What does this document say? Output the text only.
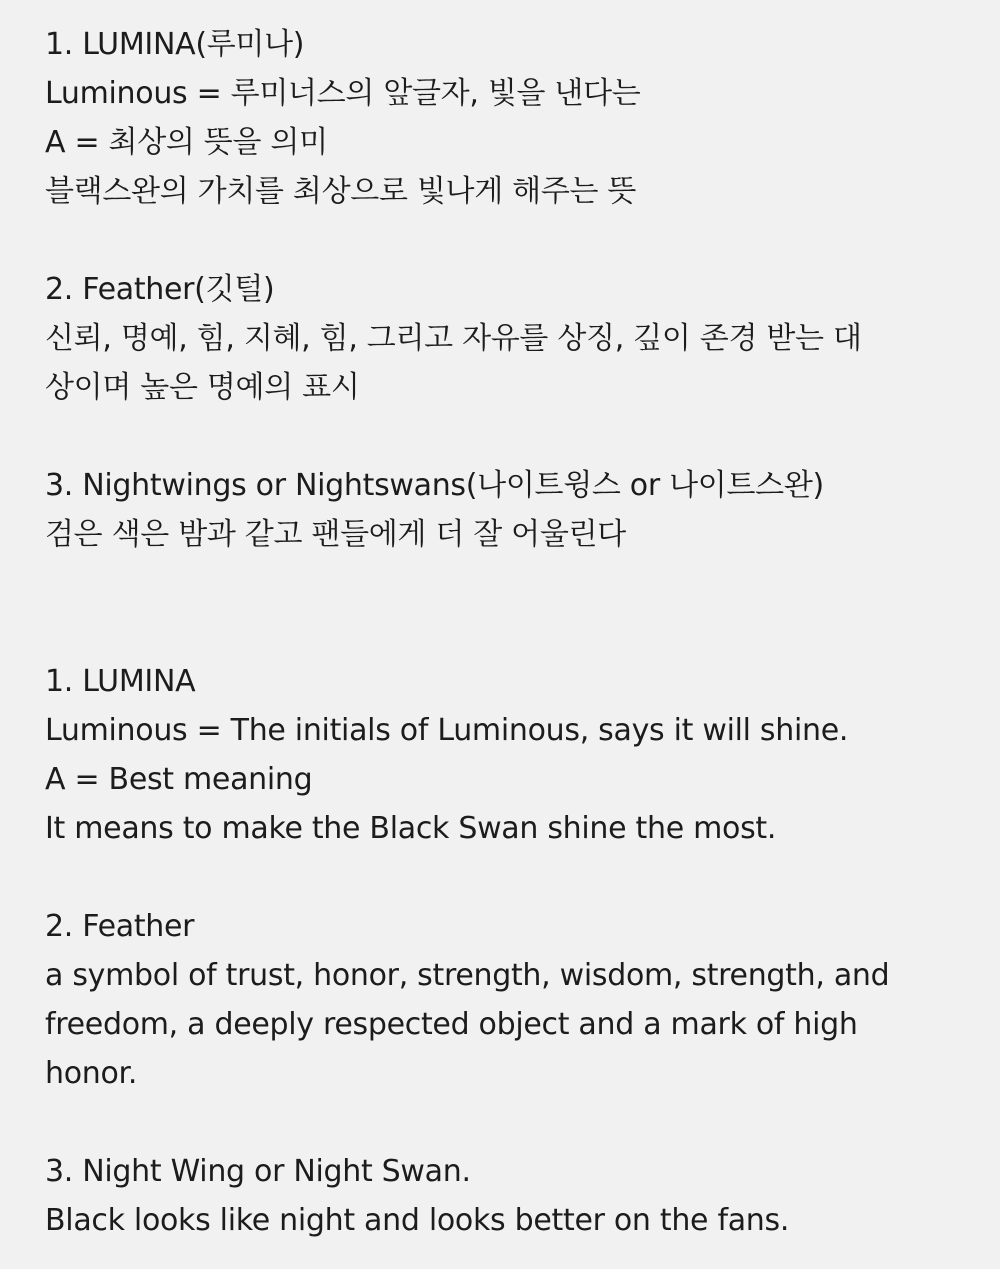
1. LUMINA(루미나)
Luminous = 루미너스의 앞글자, 빛을 낸다는
A = 최상의 뜻을 의미
블랙스완의 가치를 최상으로 빛나게 해주는 뜻
2. Feather(깃털)
신뢰, 명예, 힘, 지혜, 힘, 그리고 자유를 상징, 깊이 존경 받는 대
상이며 높은 명예의 표시
3. Nightwings or Nightswans(나이트윙스 or 나이트스완)
검은 색은 밤과 같고 팬들에게 더 잘 어울린다
1. LUMINA
Luminous = The initials of Luminous, says it will shine.
A = Best meaning
It means to make the Black Swan shine the most.
2. Feather
a symbol of trust, honor, strength, wisdom, strength, and
freedom, a deeply respected object and a mark of high
honor.
3. Night Wing or Night Swan.
Black looks like night and looks better on the fans.
